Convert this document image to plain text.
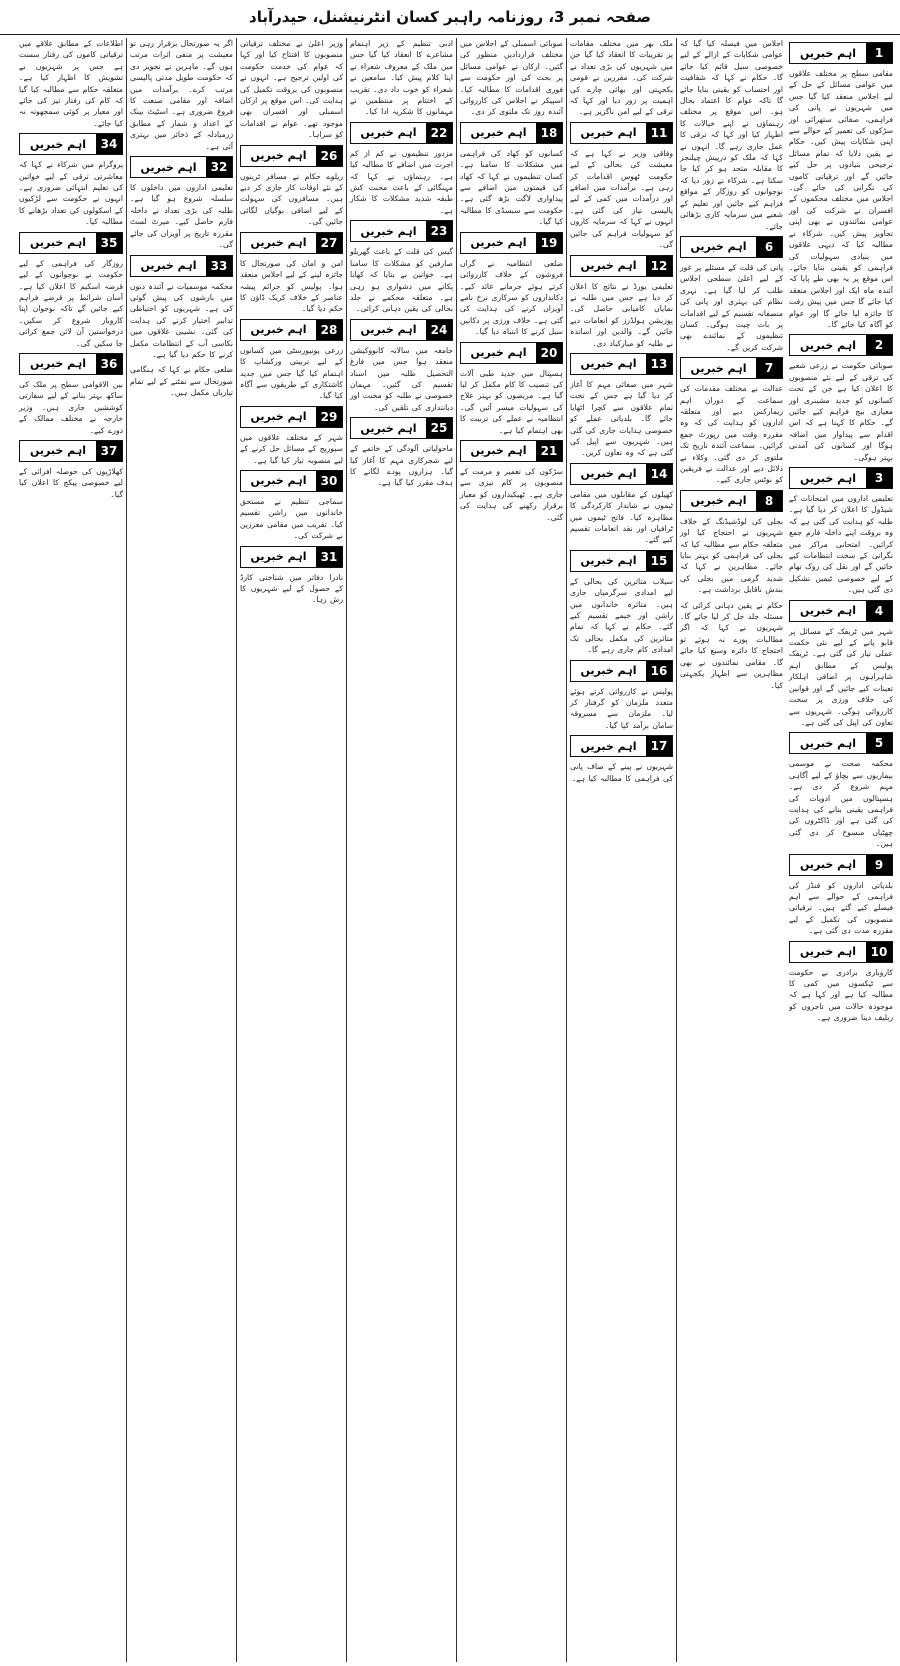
صفحہ نمبر 3، روزنامہ راہبر کسان انٹرنیشنل، حیدرآباد
1
اہم خبریں
مقامی سطح پر مختلف علاقوں میں عوامی مسائل کے حل کے لیے اجلاس منعقد کیا گیا جس میں شہریوں نے پانی کی فراہمی، صفائی ستھرائی اور سڑکوں کی تعمیر کے حوالے سے اپنی شکایات پیش کیں۔ حکام نے یقین دلایا کہ تمام مسائل ترجیحی بنیادوں پر حل کیے جائیں گے اور ترقیاتی کاموں کی نگرانی کی جائے گی۔ اجلاس میں مختلف محکموں کے افسران نے شرکت کی اور عوامی نمائندوں نے بھی اپنی تجاویز پیش کیں۔ شرکاء نے مطالبہ کیا کہ دیہی علاقوں میں بنیادی سہولیات کی فراہمی کو یقینی بنایا جائے۔ اس موقع پر یہ بھی طے پایا کہ آئندہ ماہ ایک اور اجلاس منعقد کیا جائے گا جس میں پیش رفت کا جائزہ لیا جائے گا اور عوام کو آگاہ کیا جائے گا۔
2
اہم خبریں
صوبائی حکومت نے زرعی شعبے کی ترقی کے لیے نئے منصوبوں کا اعلان کیا ہے جن کے تحت کسانوں کو جدید مشینری اور معیاری بیج فراہم کیے جائیں گے۔ حکام کا کہنا ہے کہ اس اقدام سے پیداوار میں اضافہ ہوگا اور کسانوں کی آمدنی بہتر ہوگی۔
3
اہم خبریں
تعلیمی اداروں میں امتحانات کے شیڈول کا اعلان کر دیا گیا ہے۔ طلبہ کو ہدایت کی گئی ہے کہ وہ بروقت اپنے داخلہ فارم جمع کرائیں۔ امتحانی مراکز میں نگرانی کے سخت انتظامات کیے جائیں گے اور نقل کی روک تھام کے لیے خصوصی ٹیمیں تشکیل دی گئی ہیں۔
4
اہم خبریں
شہر میں ٹریفک کے مسائل پر قابو پانے کے لیے نئی حکمت عملی تیار کی گئی ہے۔ ٹریفک پولیس کے مطابق اہم شاہراہوں پر اضافی اہلکار تعینات کیے جائیں گے اور قوانین کی خلاف ورزی پر سخت کارروائی ہوگی۔ شہریوں سے تعاون کی اپیل کی گئی ہے۔
5
اہم خبریں
محکمہ صحت نے موسمی بیماریوں سے بچاؤ کے لیے آگاہی مہم شروع کر دی ہے۔ ہسپتالوں میں ادویات کی فراہمی یقینی بنانے کی ہدایت کی گئی ہے اور ڈاکٹروں کی چھٹیاں منسوخ کر دی گئی ہیں۔
9
اہم خبریں
بلدیاتی اداروں کو فنڈز کی فراہمی کے حوالے سے اہم فیصلے کیے گئے ہیں۔ ترقیاتی منصوبوں کی تکمیل کے لیے مقررہ مدت دی گئی ہے۔
10
اہم خبریں
کاروباری برادری نے حکومت سے ٹیکسوں میں کمی کا مطالبہ کیا ہے اور کہا ہے کہ موجودہ حالات میں تاجروں کو ریلیف دینا ضروری ہے۔
اجلاس میں فیصلہ کیا گیا کہ عوامی شکایات کے ازالے کے لیے خصوصی سیل قائم کیا جائے گا۔ حکام نے کہا کہ شفافیت اور احتساب کو یقینی بنایا جائے گا تاکہ عوام کا اعتماد بحال ہو۔ اس موقع پر مختلف رہنماؤں نے اپنے خیالات کا اظہار کیا اور کہا کہ ترقی کا عمل جاری رہے گا۔ انہوں نے کہا کہ ملک کو درپیش چیلنجز کا مقابلہ متحد ہو کر کیا جا سکتا ہے۔ شرکاء نے زور دیا کہ نوجوانوں کو روزگار کے مواقع فراہم کیے جائیں اور تعلیم کے شعبے میں سرمایہ کاری بڑھائی جائے۔
6
اہم خبریں
پانی کی قلت کے مسئلے پر غور کے لیے اعلیٰ سطحی اجلاس طلب کر لیا گیا ہے۔ نہری نظام کی بہتری اور پانی کی منصفانہ تقسیم کے لیے اقدامات پر بات چیت ہوگی۔ کسان تنظیموں کے نمائندے بھی شرکت کریں گے۔
7
اہم خبریں
عدالت نے مختلف مقدمات کی سماعت کے دوران اہم ریمارکس دیے اور متعلقہ اداروں کو ہدایت کی کہ وہ مقررہ وقت میں رپورٹ جمع کرائیں۔ سماعت آئندہ تاریخ تک ملتوی کر دی گئی۔ وکلاء نے دلائل دیے اور عدالت نے فریقین کو نوٹس جاری کیے۔
8
اہم خبریں
بجلی کی لوڈشیڈنگ کے خلاف شہریوں نے احتجاج کیا اور متعلقہ حکام سے مطالبہ کیا کہ بجلی کی فراہمی کو بہتر بنایا جائے۔ مظاہرین نے کہا کہ شدید گرمی میں بجلی کی بندش ناقابل برداشت ہے۔
حکام نے یقین دہانی کرائی کہ مسئلہ جلد حل کر لیا جائے گا۔ شہریوں نے کہا کہ اگر مطالبات پورے نہ ہوئے تو احتجاج کا دائرہ وسیع کیا جائے گا۔ مقامی نمائندوں نے بھی مظاہرین سے اظہار یکجہتی کیا۔
ملک بھر میں مختلف مقامات پر تقریبات کا انعقاد کیا گیا جن میں شہریوں کی بڑی تعداد نے شرکت کی۔ مقررین نے قومی یکجہتی اور بھائی چارے کی اہمیت پر زور دیا اور کہا کہ ترقی کے لیے امن ناگزیر ہے۔
11
اہم خبریں
وفاقی وزیر نے کہا ہے کہ معیشت کی بحالی کے لیے حکومت ٹھوس اقدامات کر رہی ہے۔ برآمدات میں اضافے اور درآمدات میں کمی کے لیے پالیسی تیار کی گئی ہے۔ انہوں نے کہا کہ سرمایہ کاروں کو سہولیات فراہم کی جائیں گی۔
12
اہم خبریں
تعلیمی بورڈ نے نتائج کا اعلان کر دیا ہے جس میں طلبہ نے نمایاں کامیابی حاصل کی۔ پوزیشن ہولڈرز کو انعامات دیے جائیں گے۔ والدین اور اساتذہ نے طلبہ کو مبارکباد دی۔
13
اہم خبریں
شہر میں صفائی مہم کا آغاز کر دیا گیا ہے جس کے تحت تمام علاقوں سے کچرا اٹھایا جائے گا۔ بلدیاتی عملے کو خصوصی ہدایات جاری کی گئی ہیں۔ شہریوں سے اپیل کی گئی ہے کہ وہ تعاون کریں۔
14
اہم خبریں
کھیلوں کے مقابلوں میں مقامی ٹیموں نے شاندار کارکردگی کا مظاہرہ کیا۔ فاتح ٹیموں میں ٹرافیاں اور نقد انعامات تقسیم کیے گئے۔
15
اہم خبریں
سیلاب متاثرین کی بحالی کے لیے امدادی سرگرمیاں جاری ہیں۔ متاثرہ خاندانوں میں راشن اور خیمے تقسیم کیے گئے۔ حکام نے کہا کہ تمام متاثرین کی مکمل بحالی تک امدادی کام جاری رہے گا۔
16
اہم خبریں
پولیس نے کارروائی کرتے ہوئے متعدد ملزمان کو گرفتار کر لیا۔ ملزمان سے مسروقہ سامان برآمد کیا گیا۔
17
اہم خبریں
شہریوں نے پینے کے صاف پانی کی فراہمی کا مطالبہ کیا ہے۔
صوبائی اسمبلی کے اجلاس میں مختلف قراردادیں منظور کی گئیں۔ ارکان نے عوامی مسائل پر بحث کی اور حکومت سے فوری اقدامات کا مطالبہ کیا۔ اسپیکر نے اجلاس کی کارروائی آئندہ روز تک ملتوی کر دی۔
18
اہم خبریں
کسانوں کو کھاد کی فراہمی میں مشکلات کا سامنا ہے۔ کسان تنظیموں نے کہا کہ کھاد کی قیمتوں میں اضافے سے پیداواری لاگت بڑھ گئی ہے۔ حکومت سے سبسڈی کا مطالبہ کیا گیا۔
19
اہم خبریں
ضلعی انتظامیہ نے گراں فروشوں کے خلاف کارروائی کرتے ہوئے جرمانے عائد کیے۔ دکانداروں کو سرکاری نرخ نامے آویزاں کرنے کی ہدایت کی گئی ہے۔ خلاف ورزی پر دکانیں سیل کرنے کا انتباہ دیا گیا۔
20
اہم خبریں
ہسپتال میں جدید طبی آلات کی تنصیب کا کام مکمل کر لیا گیا ہے۔ مریضوں کو بہتر علاج کی سہولیات میسر آئیں گی۔ انتظامیہ نے عملے کی تربیت کا بھی اہتمام کیا ہے۔
21
اہم خبریں
سڑکوں کی تعمیر و مرمت کے منصوبوں پر کام تیزی سے جاری ہے۔ ٹھیکیداروں کو معیار برقرار رکھنے کی ہدایت کی گئی۔
ادبی تنظیم کے زیر اہتمام مشاعرے کا انعقاد کیا گیا جس میں ملک کے معروف شعراء نے اپنا کلام پیش کیا۔ سامعین نے شعراء کو خوب داد دی۔ تقریب کے اختتام پر منتظمین نے مہمانوں کا شکریہ ادا کیا۔
22
اہم خبریں
مزدور تنظیموں نے کم از کم اجرت میں اضافے کا مطالبہ کیا ہے۔ رہنماؤں نے کہا کہ مہنگائی کے باعث محنت کش طبقہ شدید مشکلات کا شکار ہے۔
23
اہم خبریں
گیس کی قلت کے باعث گھریلو صارفین کو مشکلات کا سامنا ہے۔ خواتین نے بتایا کہ کھانا پکانے میں دشواری ہو رہی ہے۔ متعلقہ محکمے نے جلد بحالی کی یقین دہانی کرائی۔
24
اہم خبریں
جامعہ میں سالانہ کانووکیشن منعقد ہوا جس میں فارغ التحصیل طلبہ میں اسناد تقسیم کی گئیں۔ مہمان خصوصی نے طلبہ کو محنت اور دیانتداری کی تلقین کی۔
25
اہم خبریں
ماحولیاتی آلودگی کے خاتمے کے لیے شجرکاری مہم کا آغاز کیا گیا۔ ہزاروں پودے لگانے کا ہدف مقرر کیا گیا ہے۔
وزیر اعلیٰ نے مختلف ترقیاتی منصوبوں کا افتتاح کیا اور کہا کہ عوام کی خدمت حکومت کی اولین ترجیح ہے۔ انہوں نے منصوبوں کی بروقت تکمیل کی ہدایت کی۔ اس موقع پر ارکان اسمبلی اور افسران بھی موجود تھے۔ عوام نے اقدامات کو سراہا۔
26
اہم خبریں
ریلوے حکام نے مسافر ٹرینوں کے نئے اوقات کار جاری کر دیے ہیں۔ مسافروں کی سہولت کے لیے اضافی بوگیاں لگائی جائیں گی۔
27
اہم خبریں
امن و امان کی صورتحال کا جائزہ لینے کے لیے اجلاس منعقد ہوا۔ پولیس کو جرائم پیشہ عناصر کے خلاف کریک ڈاؤن کا حکم دیا گیا۔
28
اہم خبریں
زرعی یونیورسٹی میں کسانوں کے لیے تربیتی ورکشاپ کا اہتمام کیا گیا جس میں جدید کاشتکاری کے طریقوں سے آگاہ کیا گیا۔
29
اہم خبریں
شہر کے مختلف علاقوں میں سیوریج کے مسائل حل کرنے کے لیے منصوبہ تیار کیا گیا ہے۔
30
اہم خبریں
سماجی تنظیم نے مستحق خاندانوں میں راشن تقسیم کیا۔ تقریب میں مقامی معززین نے شرکت کی۔
31
اہم خبریں
نادرا دفاتر میں شناختی کارڈ کے حصول کے لیے شہریوں کا رش رہا۔
اگر یہ صورتحال برقرار رہی تو معیشت پر منفی اثرات مرتب ہوں گے۔ ماہرین نے تجویز دی کہ حکومت طویل مدتی پالیسی مرتب کرے۔ برآمدات میں اضافہ اور مقامی صنعت کا فروغ ضروری ہے۔ اسٹیٹ بینک کے اعداد و شمار کے مطابق زرمبادلہ کے ذخائر میں بہتری آئی ہے۔
32
اہم خبریں
تعلیمی اداروں میں داخلوں کا سلسلہ شروع ہو گیا ہے۔ طلبہ کی بڑی تعداد نے داخلہ فارم حاصل کیے۔ میرٹ لسٹ مقررہ تاریخ پر آویزاں کی جائے گی۔
33
اہم خبریں
محکمہ موسمیات نے آئندہ دنوں میں بارشوں کی پیش گوئی کی ہے۔ شہریوں کو احتیاطی تدابیر اختیار کرنے کی ہدایت کی گئی۔ نشیبی علاقوں میں نکاسی آب کے انتظامات مکمل کرنے کا حکم دیا گیا ہے۔
ضلعی حکام نے کہا کہ ہنگامی صورتحال سے نمٹنے کے لیے تمام تیاریاں مکمل ہیں۔
اطلاعات کے مطابق علاقے میں ترقیاتی کاموں کی رفتار سست ہے جس پر شہریوں نے تشویش کا اظہار کیا ہے۔ متعلقہ حکام سے مطالبہ کیا گیا کہ کام کی رفتار تیز کی جائے اور معیار پر کوئی سمجھوتہ نہ کیا جائے۔
34
اہم خبریں
پروگرام میں شرکاء نے کہا کہ معاشرتی ترقی کے لیے خواتین کی تعلیم انتہائی ضروری ہے۔ انہوں نے حکومت سے لڑکیوں کے اسکولوں کی تعداد بڑھانے کا مطالبہ کیا۔
35
اہم خبریں
روزگار کی فراہمی کے لیے حکومت نے نوجوانوں کے لیے قرضہ اسکیم کا اعلان کیا ہے۔ آسان شرائط پر قرضے فراہم کیے جائیں گے تاکہ نوجوان اپنا کاروبار شروع کر سکیں۔ درخواستیں آن لائن جمع کرائی جا سکیں گی۔
36
اہم خبریں
بین الاقوامی سطح پر ملک کی ساکھ بہتر بنانے کے لیے سفارتی کوششیں جاری ہیں۔ وزیر خارجہ نے مختلف ممالک کے دورے کیے۔
37
اہم خبریں
کھلاڑیوں کی حوصلہ افزائی کے لیے خصوصی پیکج کا اعلان کیا گیا۔
